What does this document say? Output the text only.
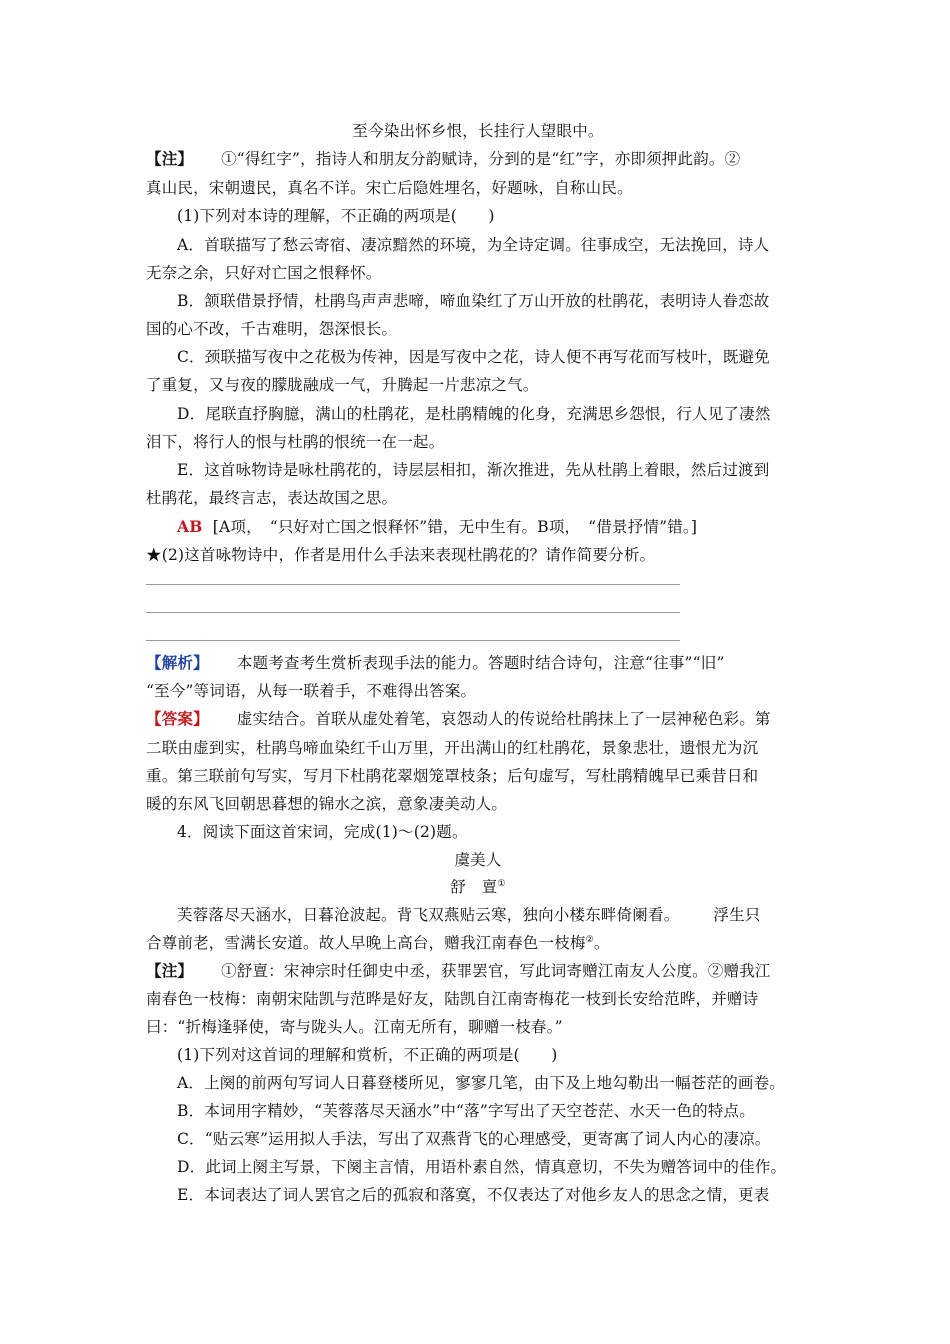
至今染出怀乡恨，长挂行人望眼中。
【注】 ①“得红字”，指诗人和朋友分韵赋诗，分到的是“红”字，亦即须押此韵。②
真山民，宋朝遗民，真名不详。宋亡后隐姓埋名，好题咏，自称山民。
(1)下列对本诗的理解，不正确的两项是(　　)
A．首联描写了愁云寄宿、凄凉黯然的环境，为全诗定调。往事成空，无法挽回，诗人
无奈之余，只好对亡国之恨释怀。
B．颔联借景抒情，杜鹃鸟声声悲啼，啼血染红了万山开放的杜鹃花，表明诗人眷恋故
国的心不改，千古难明，怨深恨长。
C．颈联描写夜中之花极为传神，因是写夜中之花，诗人便不再写花而写枝叶，既避免
了重复，又与夜的朦胧融成一气，升腾起一片悲凉之气。
D．尾联直抒胸臆，满山的杜鹃花，是杜鹃精魄的化身，充满思乡怨恨，行人见了凄然
泪下，将行人的恨与杜鹃的恨统一在一起。
E．这首咏物诗是咏杜鹃花的，诗层层相扣，渐次推进，先从杜鹃上着眼，然后过渡到
杜鹃花，最终言志，表达故国之思。
AB [A项，　“只好对亡国之恨释怀”错，无中生有。B项，　“借景抒情”错。]
★(2)这首咏物诗中，作者是用什么手法来表现杜鹃花的？请作简要分析。
【解析】 本题考查考生赏析表现手法的能力。答题时结合诗句，注意“往事”“旧”
“至今”等词语，从每一联着手，不难得出答案。
【答案】 虚实结合。首联从虚处着笔，哀怨动人的传说给杜鹃抹上了一层神秘色彩。第
二联由虚到实，杜鹃鸟啼血染红千山万里，开出满山的红杜鹃花，景象悲壮，遗恨尤为沉
重。第三联前句写实，写月下杜鹃花翠烟笼罩枝条；后句虚写，写杜鹃精魄早已乘昔日和
暖的东风飞回朝思暮想的锦水之滨，意象凄美动人。
4．阅读下面这首宋词，完成(1)～(2)题。
虞美人
舒　亶①
芙蓉落尽天涵水，日暮沧波起。背飞双燕贴云寒，独向小楼东畔倚阑看。 浮生只
合尊前老，雪满长安道。故人早晚上高台，赠我江南春色一枝梅②。
【注】 ①舒亶：宋神宗时任御史中丞，获罪罢官，写此词寄赠江南友人公度。②赠我江
南春色一枝梅：南朝宋陆凯与范晔是好友，陆凯自江南寄梅花一枝到长安给范晔，并赠诗
曰：“折梅逢驿使，寄与陇头人。江南无所有，聊赠一枝春。”
(1)下列对这首词的理解和赏析，不正确的两项是(　　)
A．上阕的前两句写词人日暮登楼所见，寥寥几笔，由下及上地勾勒出一幅苍茫的画卷。
B．本词用字精妙，“芙蓉落尽天涵水”中“落”字写出了天空苍茫、水天一色的特点。
C．“贴云寒”运用拟人手法，写出了双燕背飞的心理感受，更寄寓了词人内心的凄凉。
D．此词上阕主写景，下阕主言情，用语朴素自然，情真意切，不失为赠答词中的佳作。
E．本词表达了词人罢官之后的孤寂和落寞，不仅表达了对他乡友人的思念之情，更表
